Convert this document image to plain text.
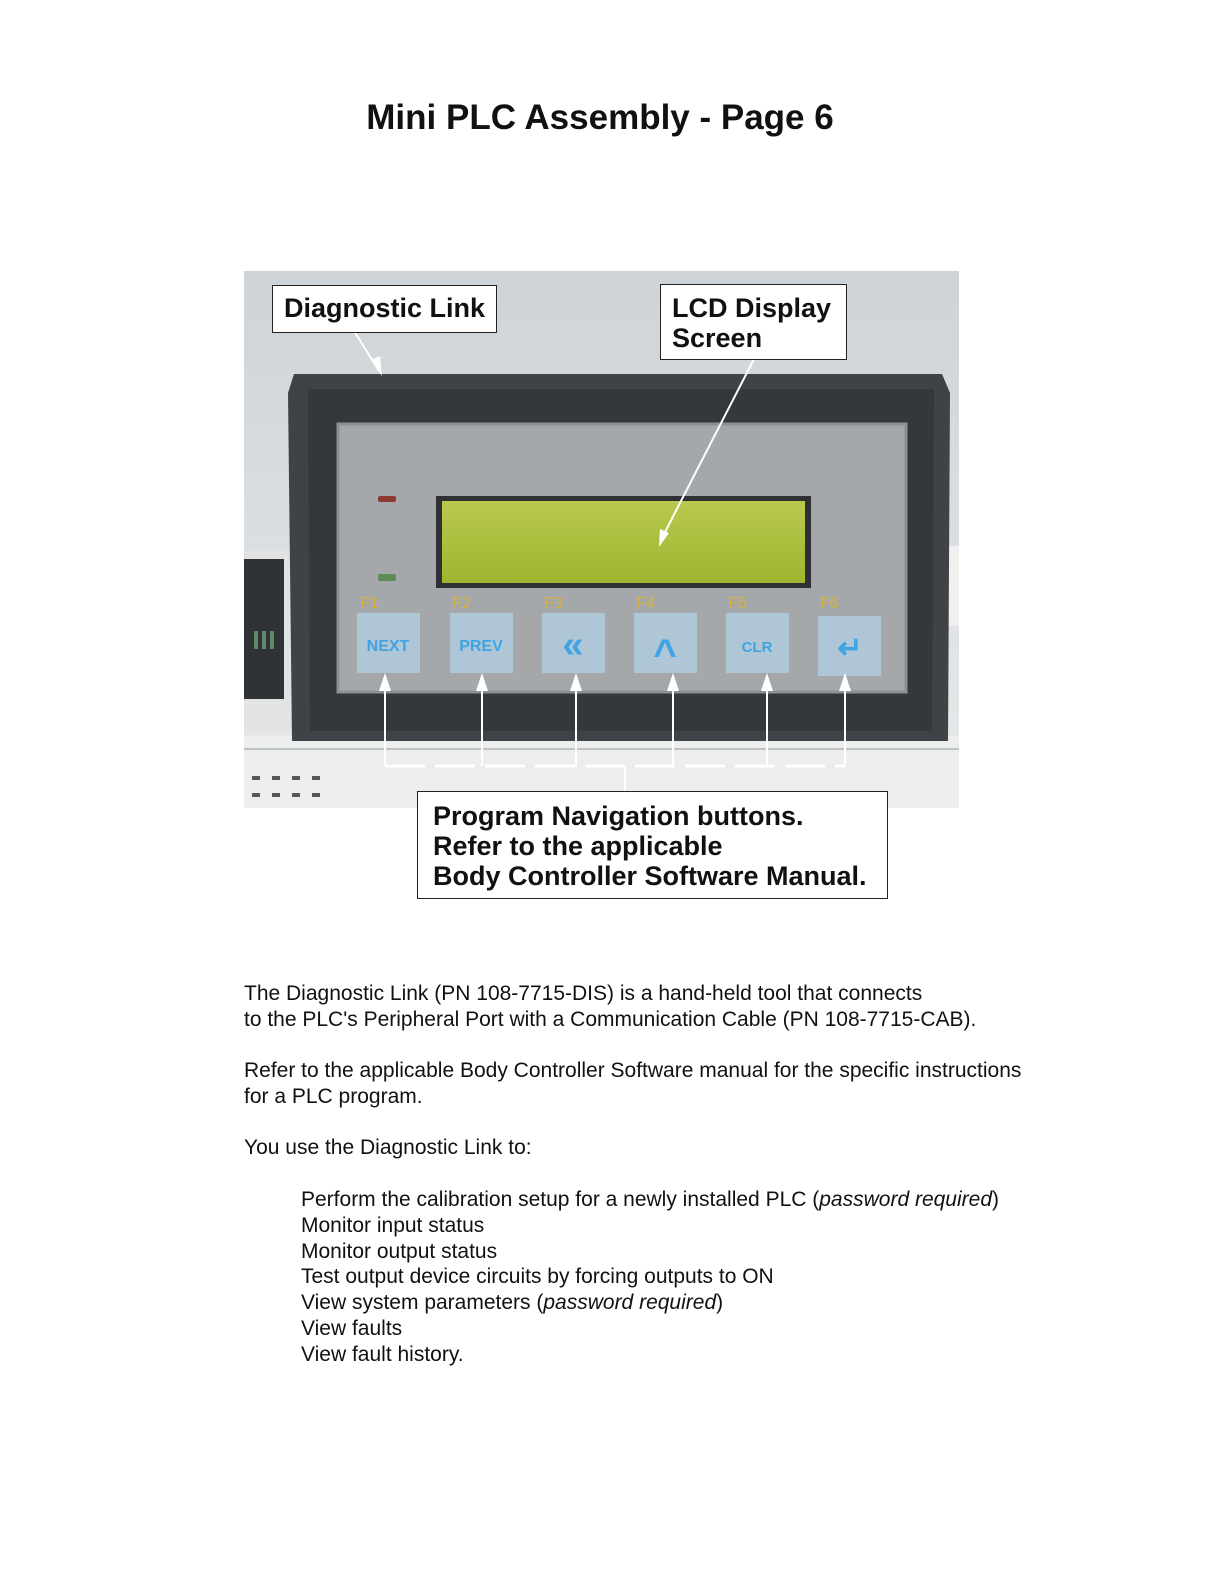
Mini PLC Assembly - Page 6
F1	F2	F3	F4	F5	F6
NEXT	PREV « ^	CLR ↵
Diagnostic Link	LCD Display
Screen
Program Navigation buttons.
Refer to the applicable
Body Controller Software Manual.

The Diagnostic Link (PN 108-7715-DIS) is a hand-held tool that connects
to the PLC's Peripheral Port with a Communication Cable (PN 108-7715-CAB).

Refer to the applicable Body Controller Software manual for the specific instructions
for a PLC program.

You use the Diagnostic Link to:

Perform the calibration setup for a newly installed PLC (password required)
Monitor input status
Monitor output status
Test output device circuits by forcing outputs to ON
View system parameters (password required)
View faults
View fault history.
